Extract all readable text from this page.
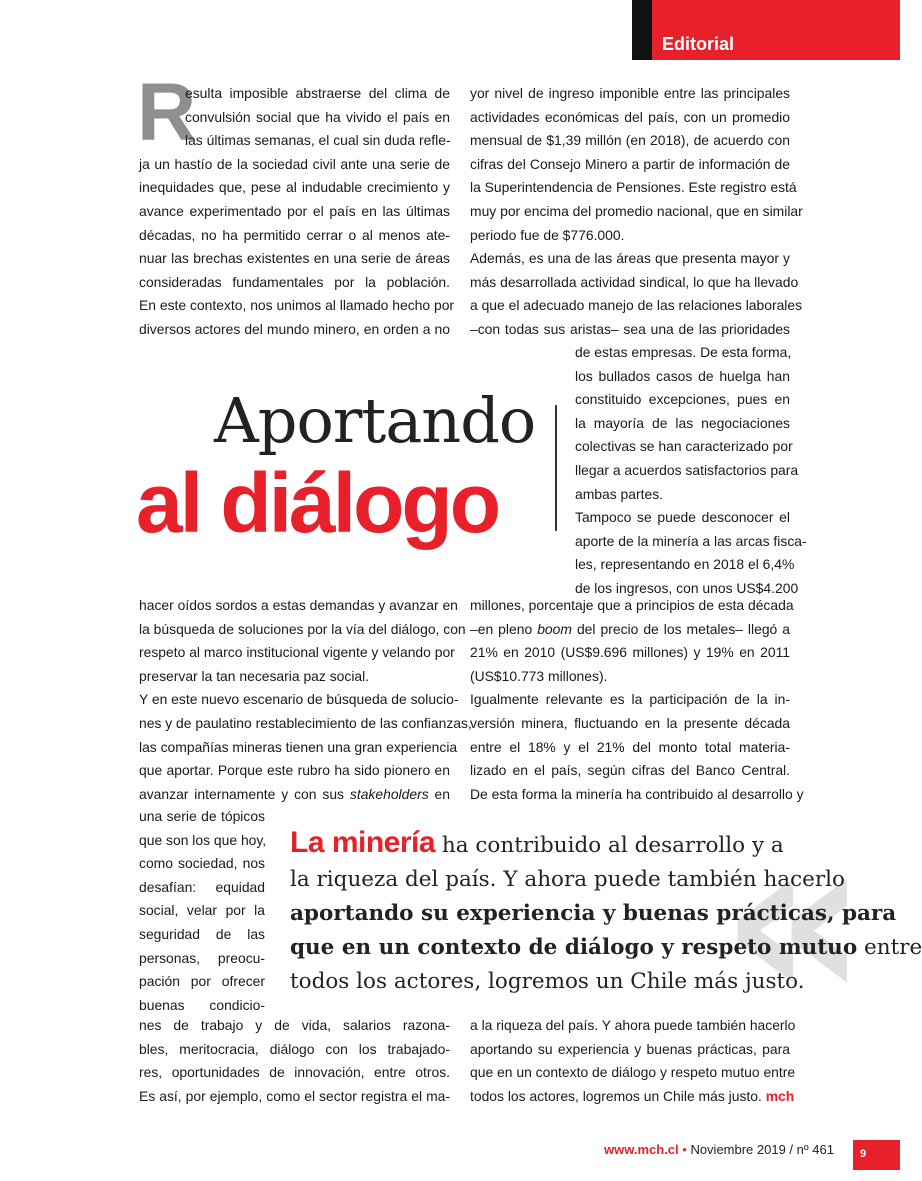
Editorial
R
esulta imposible abstraerse del clima de
convulsión social que ha vivido el país en
las últimas semanas, el cual sin duda refle-
ja un hastío de la sociedad civil ante una serie de
inequidades que, pese al indudable crecimiento y
avance experimentado por el país en las últimas
décadas, no ha permitido cerrar o al menos ate-
nuar las brechas existentes en una serie de áreas
consideradas fundamentales por la población.
En este contexto, nos unimos al llamado hecho por
diversos actores del mundo minero, en orden a no
yor nivel de ingreso imponible entre las principales
actividades económicas del país, con un promedio
mensual de $1,39 millón (en 2018), de acuerdo con
cifras del Consejo Minero a partir de información de
la Superintendencia de Pensiones. Este registro está
muy por encima del promedio nacional, que en similar
periodo fue de $776.000.
Además, es una de las áreas que presenta mayor y
más desarrollada actividad sindical, lo que ha llevado
a que el adecuado manejo de las relaciones laborales
–con todas sus aristas– sea una de las prioridades
de estas empresas. De esta forma,
los bullados casos de huelga han
constituido excepciones, pues en
la mayoría de las negociaciones
colectivas se han caracterizado por
llegar a acuerdos satisfactorios para
ambas partes.
Tampoco se puede desconocer el
aporte de la minería a las arcas fisca-
les, representando en 2018 el 6,4%
de los ingresos, con unos US$4.200
Aportando
al diálogo
hacer oídos sordos a estas demandas y avanzar en
la búsqueda de soluciones por la vía del diálogo, con
respeto al marco institucional vigente y velando por
preservar la tan necesaria paz social.
Y en este nuevo escenario de búsqueda de solucio-
nes y de paulatino restablecimiento de las confianzas,
las compañías mineras tienen una gran experiencia
que aportar. Porque este rubro ha sido pionero en
avanzar internamente y con sus stakeholders en
millones, porcentaje que a principios de esta década
–en pleno boom del precio de los metales– llegó a
21% en 2010 (US$9.696 millones) y 19% en 2011
(US$10.773 millones).
Igualmente relevante es la participación de la in-
versión minera, fluctuando en la presente década
entre el 18% y el 21% del monto total materia-
lizado en el país, según cifras del Banco Central.
De esta forma la minería ha contribuido al desarrollo y
una serie de tópicos
que son los que hoy,
como sociedad, nos
desafían: equidad
social, velar por la
seguridad de las
personas, preocu-
pación por ofrecer
buenas condicio- «
La minería ha contribuido al desarrollo y a
la riqueza del país. Y ahora puede también hacerlo
aportando su experiencia y buenas prácticas, para
que en un contexto de diálogo y respeto mutuo entre
todos los actores, logremos un Chile más justo.
nes de trabajo y de vida, salarios razona-
bles, meritocracia, diálogo con los trabajado-
res, oportunidades de innovación, entre otros.
Es así, por ejemplo, como el sector registra el ma-
a la riqueza del país. Y ahora puede también hacerlo
aportando su experiencia y buenas prácticas, para
que en un contexto de diálogo y respeto mutuo entre
todos los actores, logremos un Chile más justo. mch
www.mch.cl • Noviembre 2019 / nº 461 9
